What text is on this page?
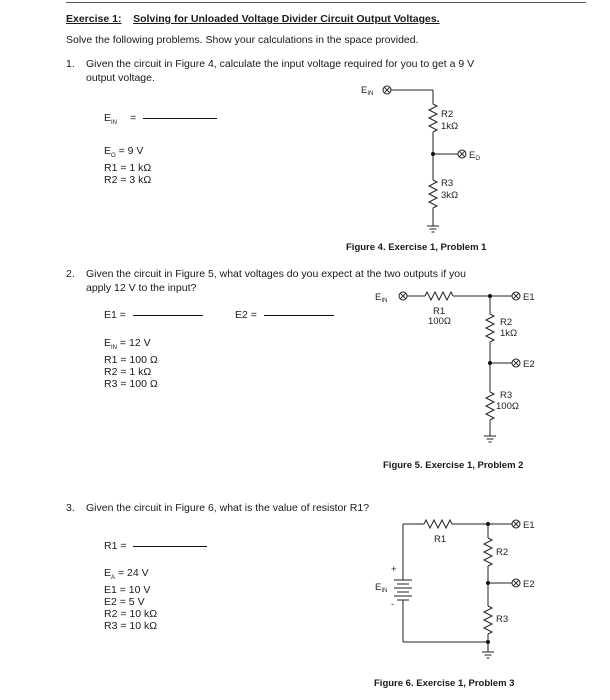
Exercise 1: Solving for Unloaded Voltage Divider Circuit Output Voltages.
Solve the following problems. Show your calculations in the space provided.
1. Given the circuit in Figure 4, calculate the input voltage required for you to get a 9 V
output voltage.
$E_{IN}$ =
$E_O = 9$ V
R1 = 1 kΩ
R2 = 3 kΩ
2. Given the circuit in Figure 5, what voltages do you expect at the two outputs if you
apply 12 V to the input?
E1 =	E2 =
$E_{IN} = 12$ V
R1 = 100 Ω
R2 = 1 kΩ
R3 = 100 Ω
3. Given the circuit in Figure 6, what is the value of resistor R1?
R1 =
$E_A = 24$ V
E1 = 10 V
E2 = 5 V
R2 = 10 kΩ
R3 = 10 kΩ
Figure 4. Exercise 1, Problem 1
Figure 5. Exercise 1, Problem 2
Figure 6. Exercise 1, Problem 3
$E_{IN}$
R2
1kΩ
$E_O$
R3
3kΩ
$E_{IN}$
R1
100Ω
E1
R2
1kΩ
E2
R3
100Ω
R1
E1
R2
E2
R3
+
$E_{IN}$
-
